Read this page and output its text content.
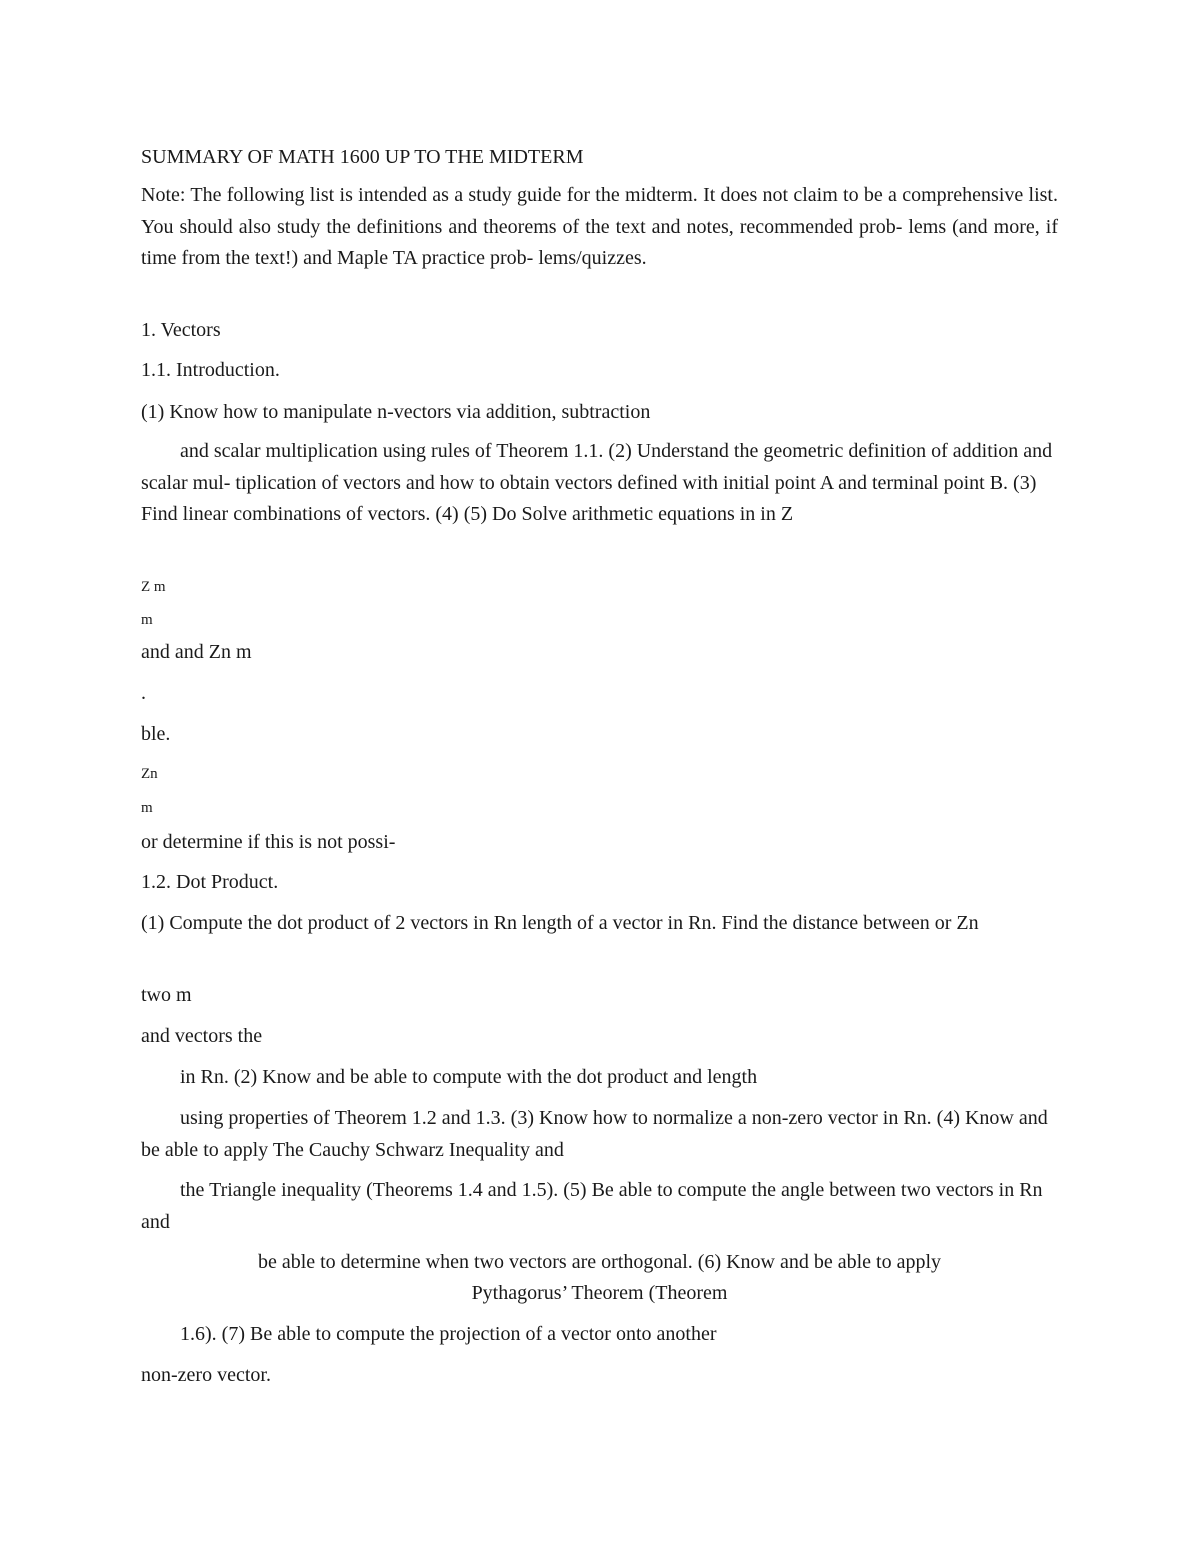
SUMMARY OF MATH 1600 UP TO THE MIDTERM
Note: The following list is intended as a study guide for the midterm. It does not claim to be a comprehensive list. You should also study the definitions and theorems of the text and notes, recommended prob- lems (and more, if time from the text!) and Maple TA practice prob- lems/quizzes.
1. Vectors
1.1. Introduction.
(1) Know how to manipulate n-vectors via addition, subtraction
and scalar multiplication using rules of Theorem 1.1. (2) Understand the geometric definition of addition and scalar mul- tiplication of vectors and how to obtain vectors defined with initial point A and terminal point B. (3) Find linear combinations of vectors. (4) (5) Do Solve arithmetic equations in in Z
Z m
m
and and Zn m
.
ble.
Zn
m
or determine if this is not possi-
1.2. Dot Product.
(1) Compute the dot product of 2 vectors in Rn length of a vector in Rn. Find the distance between or Zn
two m
and vectors the
in Rn. (2) Know and be able to compute with the dot product and length
using properties of Theorem 1.2 and 1.3. (3) Know how to normalize a non-zero vector in Rn. (4) Know and be able to apply The Cauchy Schwarz Inequality and
the Triangle inequality (Theorems 1.4 and 1.5). (5) Be able to compute the angle between two vectors in Rn and
be able to determine when two vectors are orthogonal. (6) Know and be able to apply
Pythagorus’ Theorem (Theorem
1.6). (7) Be able to compute the projection of a vector onto another
non-zero vector.
